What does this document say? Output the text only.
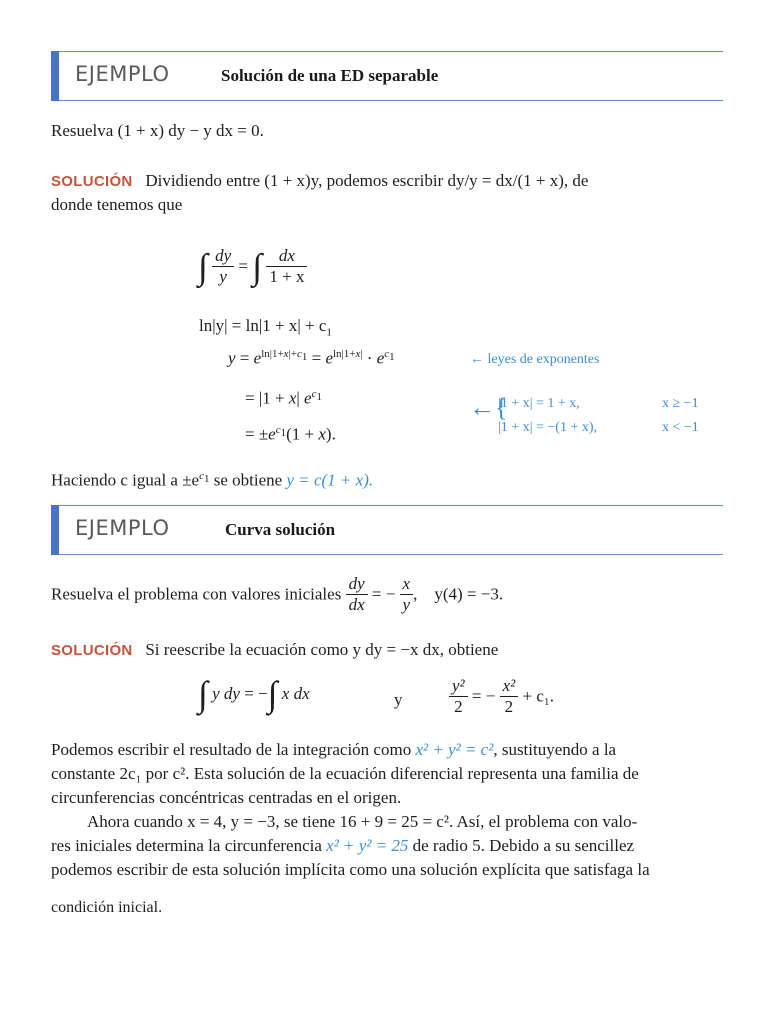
EJEMPLO	Solución de una ED separable
Resuelva (1 + x) dy − y dx = 0.
SOLUCIÓN Dividiendo entre (1 + x)y, podemos escribir dy/y = dx/(1 + x), de
donde tenemos que
∫ $\frac{dy}{y}$ = ∫ $\frac{dx}{1 + x}$
$\ln|y| = \ln|1 + x| + c_1$
$y = e^{ln|1+x|+c_1} = e^{ln|1+x|} \cdot e^{c_1}$	← leyes de exponentes
= |1 + x| $e^{c_1}$
= $\pm e^{c_1}(1 + x)$.
←{
|1 + x| = 1 + x,	x ≥ −1
|1 + x| = −(1 + x),	x < −1
Haciendo c igual $a \pm e^{c_1}$ se obtiene y = c(1 + x).
EJEMPLO	Curva solución
Resuelva el problema con valores iniciales $\frac{dy}{dx}$ = − $\frac{x}{y}$ ,    y(4) = −3.
SOLUCIÓN Si reescribe la ecuación como y dy = −x dx, obtiene
∫ y dy = −∫ x dx	y	$\frac{\text{y²}}{2}$ = − $\frac{\text{x²}}{2} + c_1$.
Podemos escribir el resultado de la integración como x² + y² = c², sustituyendo a la
constante 2c₁ por c². Esta solución de la ecuación diferencial representa una familia de
circunferencias concéntricas centradas en el origen.
Ahora cuando x = 4, y = −3, se tiene 16 + 9 = 25 = c². Así, el problema con valo-
res iniciales determina la circunferencia x² + y² = 25 de radio 5. Debido a su sencillez
podemos escribir de esta solución implícita como una solución explícita que satisfaga la
condición inicial.
